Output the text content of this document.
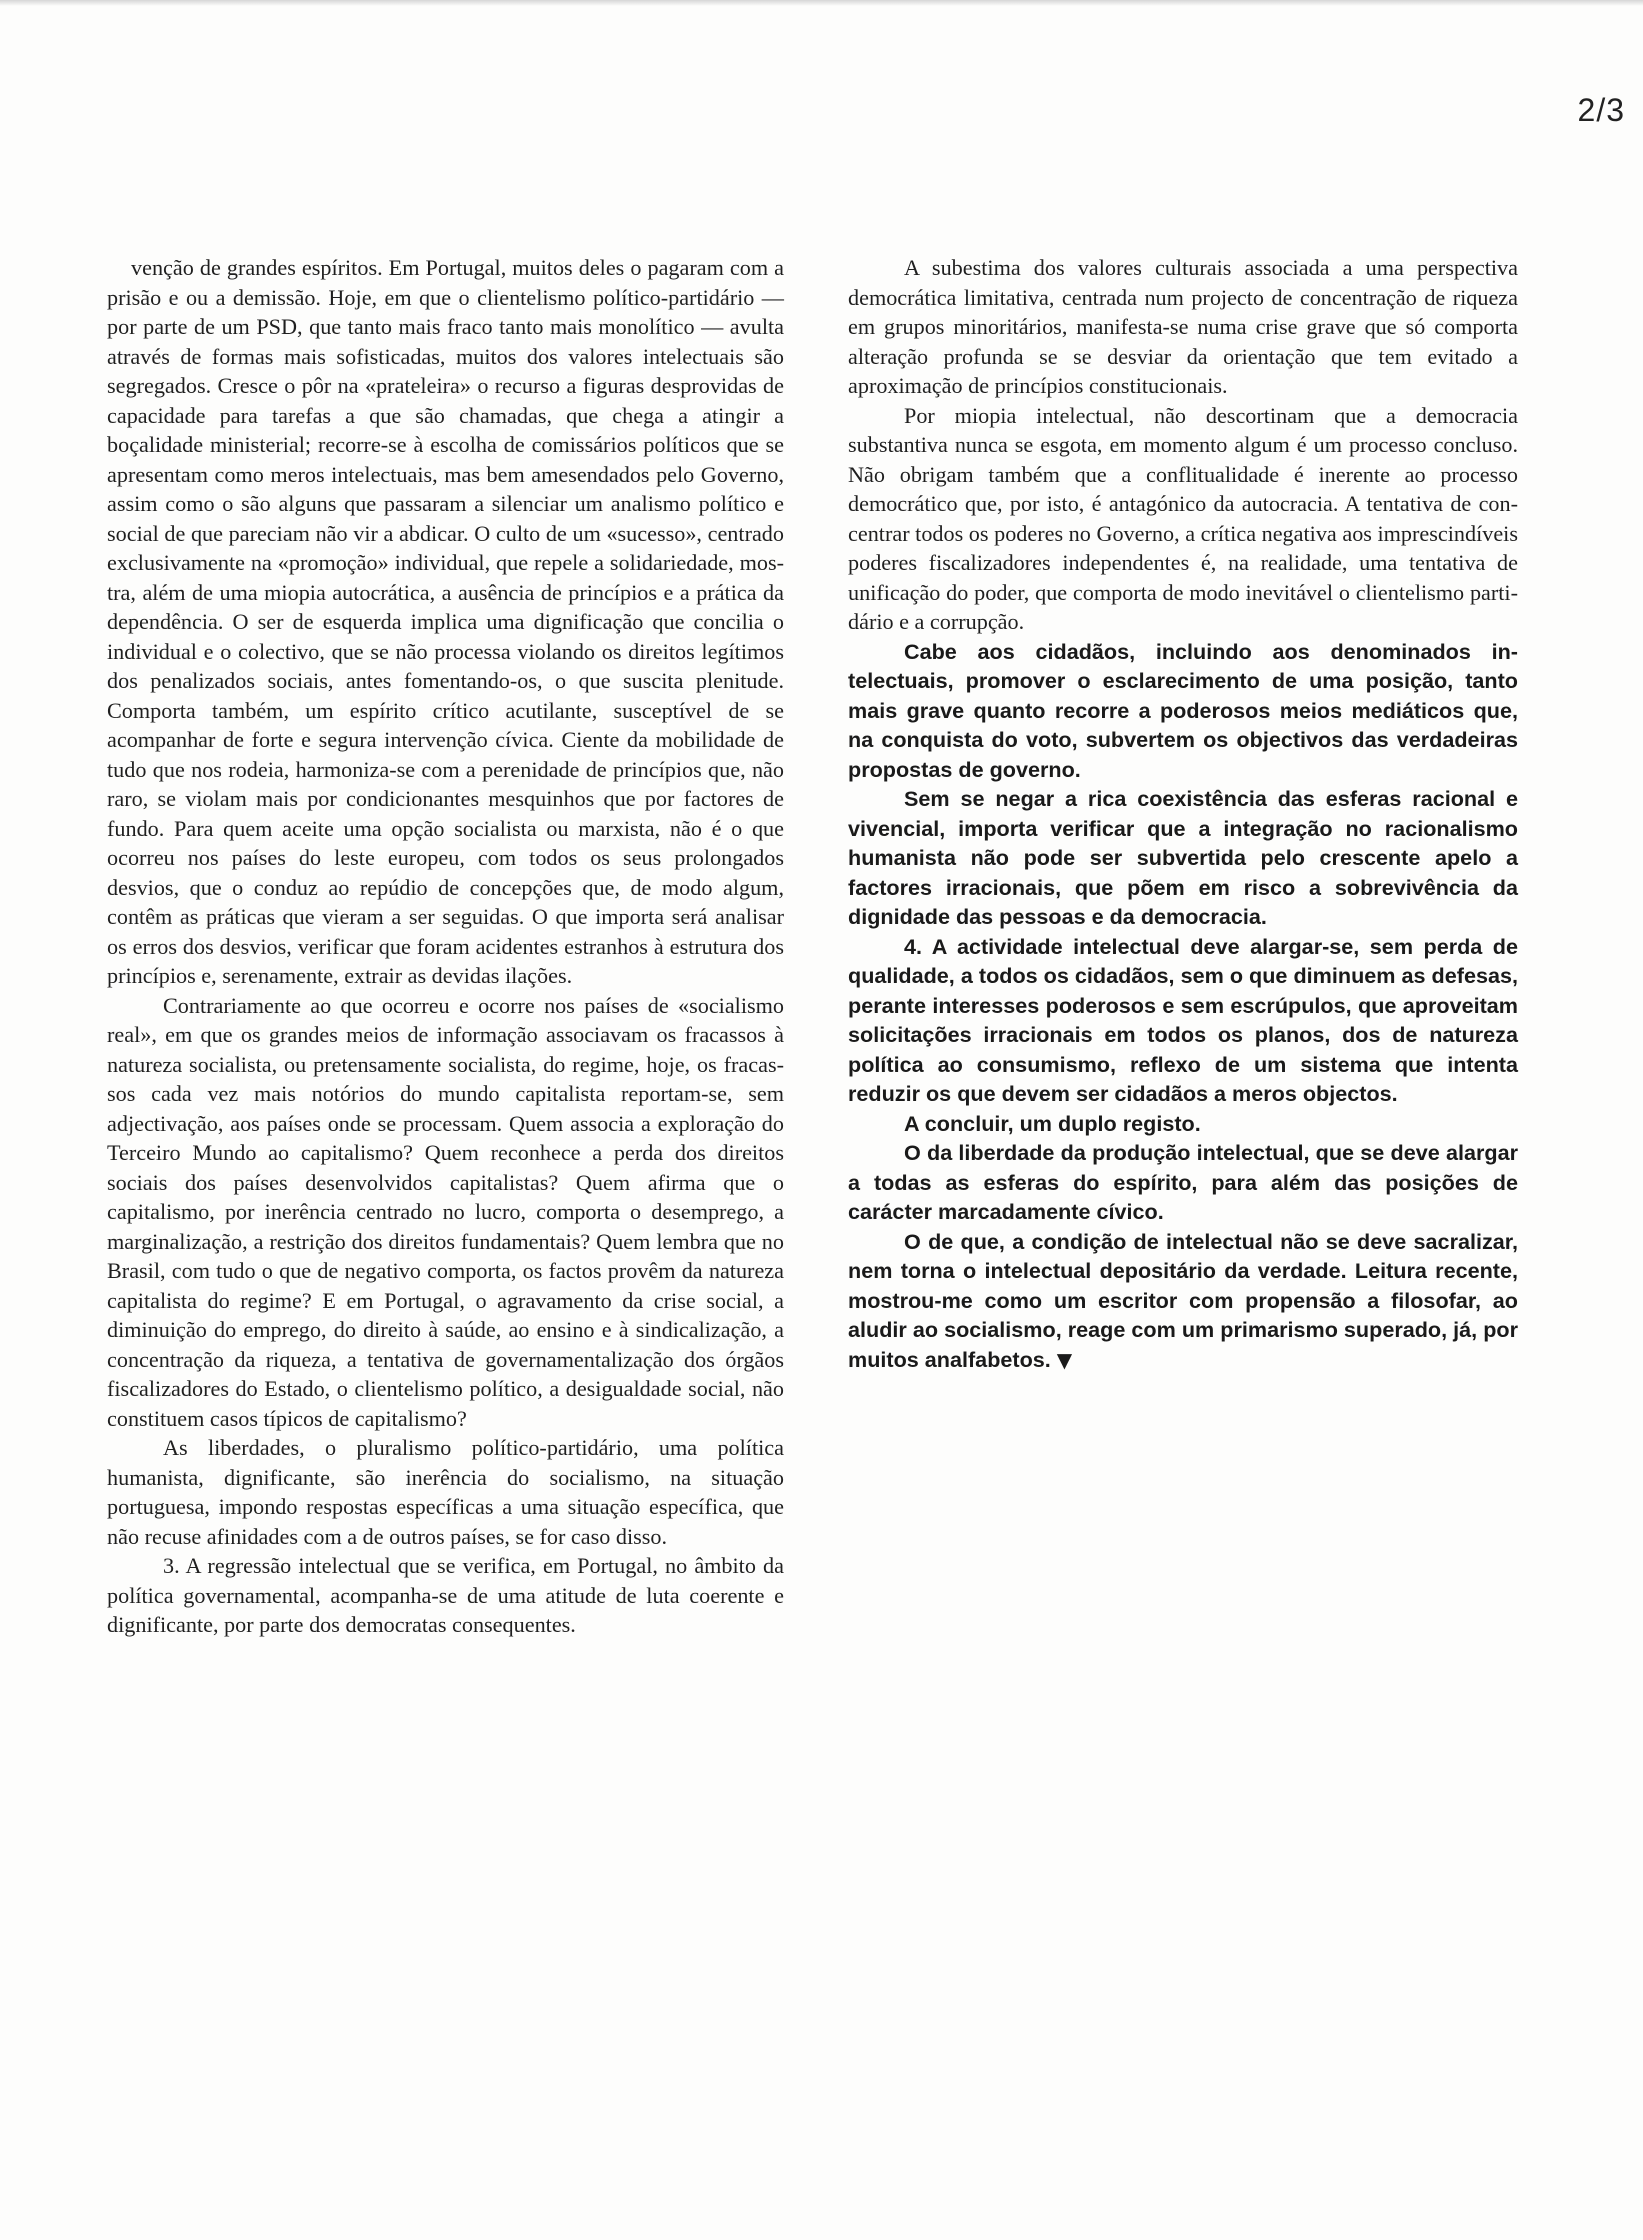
2/3

venção de grandes espíritos. Em Portugal, muitos deles o pagaram com a prisão e ou a demissão. Hoje, em que o clientelismo político-partidário — por parte de um PSD, que tanto mais fraco tanto mais monolítico — avulta através de formas mais sofisticadas, muitos dos valores intelectuais são segregados. Cresce o pôr na «prateleira» o recurso a figuras desprovidas de capacidade para tarefas a que são chamadas, que chega a atingir a boçalidade ministerial; recorre-se à escolha de comissários políticos que se apresentam como meros intelectuais, mas bem amesendados pelo Governo, assim como o são alguns que passaram a silenciar um analismo político e social de que pareciam não vir a abdicar. O culto de um «sucesso», centrado exclusivamente na «promoção» individual, que repele a solidariedade, mostra, além de uma miopia autocrática, a ausência de princípios e a prática da dependência. O ser de esquerda implica uma dignificação que concilia o individual e o colectivo, que se não processa violando os direitos legítimos dos penalizados sociais, antes fomentando-os, o que suscita plenitude. Comporta também, um espírito crítico acutilante, susceptível de se acompanhar de forte e segura intervenção cívica. Ciente da mobilidade de tudo que nos rodeia, harmoniza-se com a perenidade de princípios que, não raro, se violam mais por condicionantes mesquinhos que por factores de fundo. Para quem aceite uma opção socialista ou marxista, não é o que ocorreu nos países do leste europeu, com todos os seus prolongados desvios, que o conduz ao repúdio de concepções que, de modo algum, contêm as práticas que vieram a ser seguidas. O que importa será analisar os erros dos desvios, verificar que foram acidentes estranhos à estrutura dos princípios e, serenamente, extrair as devidas ilações.

Contrariamente ao que ocorreu e ocorre nos países de «socialismo real», em que os grandes meios de informação associavam os fracassos à natureza socialista, ou pretensamente socialista, do regime, hoje, os fracassos cada vez mais notórios do mundo capitalista reportam-se, sem adjectivação, aos países onde se processam. Quem associa a exploração do Terceiro Mundo ao capitalismo? Quem reconhece a perda dos direitos sociais dos países desenvolvidos capitalistas? Quem afirma que o capitalismo, por inerência centrado no lucro, comporta o desemprego, a marginalização, a restrição dos direitos fundamentais? Quem lembra que no Brasil, com tudo o que de negativo comporta, os factos provêm da natureza capitalista do regime? E em Portugal, o agravamento da crise social, a diminuição do emprego, do direito à saúde, ao ensino e à sindicalização, a concentração da riqueza, a tentativa de governamentalização dos órgãos fiscalizadores do Estado, o clientelismo político, a desigualdade social, não constituem casos típicos de capitalismo?

As liberdades, o pluralismo político-partidário, uma política humanista, dignificante, são inerência do socialismo, na situação portuguesa, impondo respostas específicas a uma situação específica, que não recuse afinidades com a de outros países, se for caso disso.

3. A regressão intelectual que se verifica, em Portugal, no âmbito da política governamental, acompanha-se de uma atitude de luta coerente e dignificante, por parte dos democratas consequentes.

A subestima dos valores culturais associada a uma perspectiva democrática limitativa, centrada num projecto de concentração de riqueza em grupos minoritários, manifesta-se numa crise grave que só comporta alteração profunda se se desviar da orientação que tem evitado a aproximação de princípios constitucionais.

Por miopia intelectual, não descortinam que a democracia substantiva nunca se esgota, em momento algum é um processo concluso. Não obrigam também que a conflitualidade é inerente ao processo democrático que, por isto, é antagónico da autocracia. A tentativa de concentrar todos os poderes no Governo, a crítica negativa aos imprescindíveis poderes fiscalizadores independentes é, na realidade, uma tentativa de unificação do poder, que comporta de modo inevitável o clientelismo partidário e a corrupção.

Cabe aos cidadãos, incluindo aos denominados intelectuais, promover o esclarecimento de uma posição, tanto mais grave quanto recorre a poderosos meios mediáticos que, na conquista do voto, subvertem os objectivos das verdadeiras propostas de governo.

Sem se negar a rica coexistência das esferas racional e vivencial, importa verificar que a integração no racionalismo humanista não pode ser subvertida pelo crescente apelo a factores irracionais, que põem em risco a sobrevivência da dignidade das pessoas e da democracia.

4. A actividade intelectual deve alargar-se, sem perda de qualidade, a todos os cidadãos, sem o que diminuem as defesas, perante interesses poderosos e sem escrúpulos, que aproveitam solicitações irracionais em todos os planos, dos de natureza política ao consumismo, reflexo de um sistema que intenta reduzir os que devem ser cidadãos a meros objectos.

A concluir, um duplo registo.

O da liberdade da produção intelectual, que se deve alargar a todas as esferas do espírito, para além das posições de carácter marcadamente cívico.

O de que, a condição de intelectual não se deve sacralizar, nem torna o intelectual depositário da verdade. Leitura recente, mostrou-me como um escritor com propensão a filosofar, ao aludir ao socialismo, reage com um primarismo superado, já, por muitos analfabetos. ▼
